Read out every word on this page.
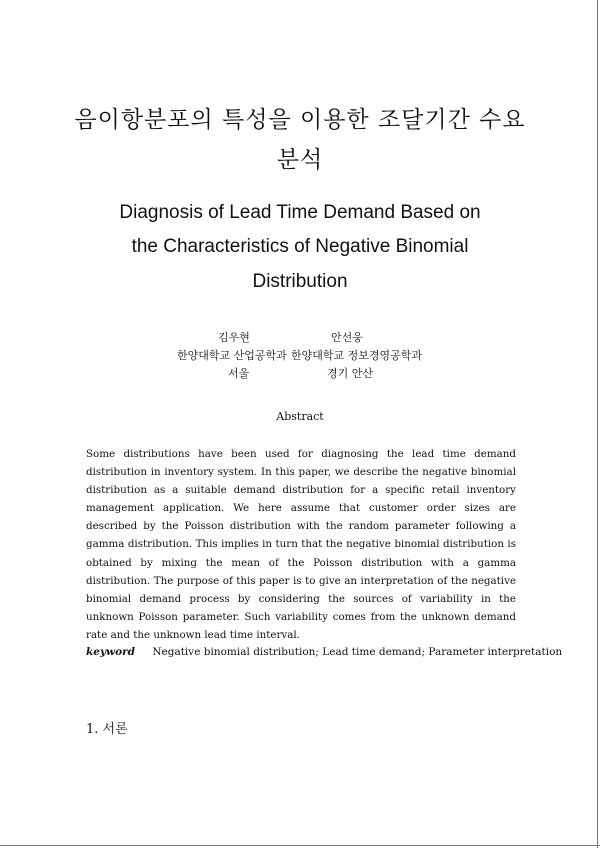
음이항분포의 특성을 이용한 조달기간 수요
분석
Diagnosis of Lead Time Demand Based on
the Characteristics of Negative Binomial
Distribution
김우현	안선웅
한양대학교 산업공학과 한양대학교 정보경영공학과
서울	경기 안산
Abstract

Some distributions have been used for diagnosing the lead time demand distribution in inventory system. In this paper, we describe the negative binomial distribution as a suitable demand distribution for a specific retail inventory management application. We here assume that customer order sizes are described by the Poisson distribution with the random parameter following a gamma distribution. This implies in turn that the negative binomial distribution is obtained by mixing the mean of the Poisson distribution with a gamma distribution. The purpose of this paper is to give an interpretation of the negative binomial demand process by considering the sources of variability in the unknown Poisson parameter. Such variability comes from the unknown demand rate and the unknown lead time interval.

keyword Negative binomial distribution; Lead time demand; Parameter interpretation
1. 서론
